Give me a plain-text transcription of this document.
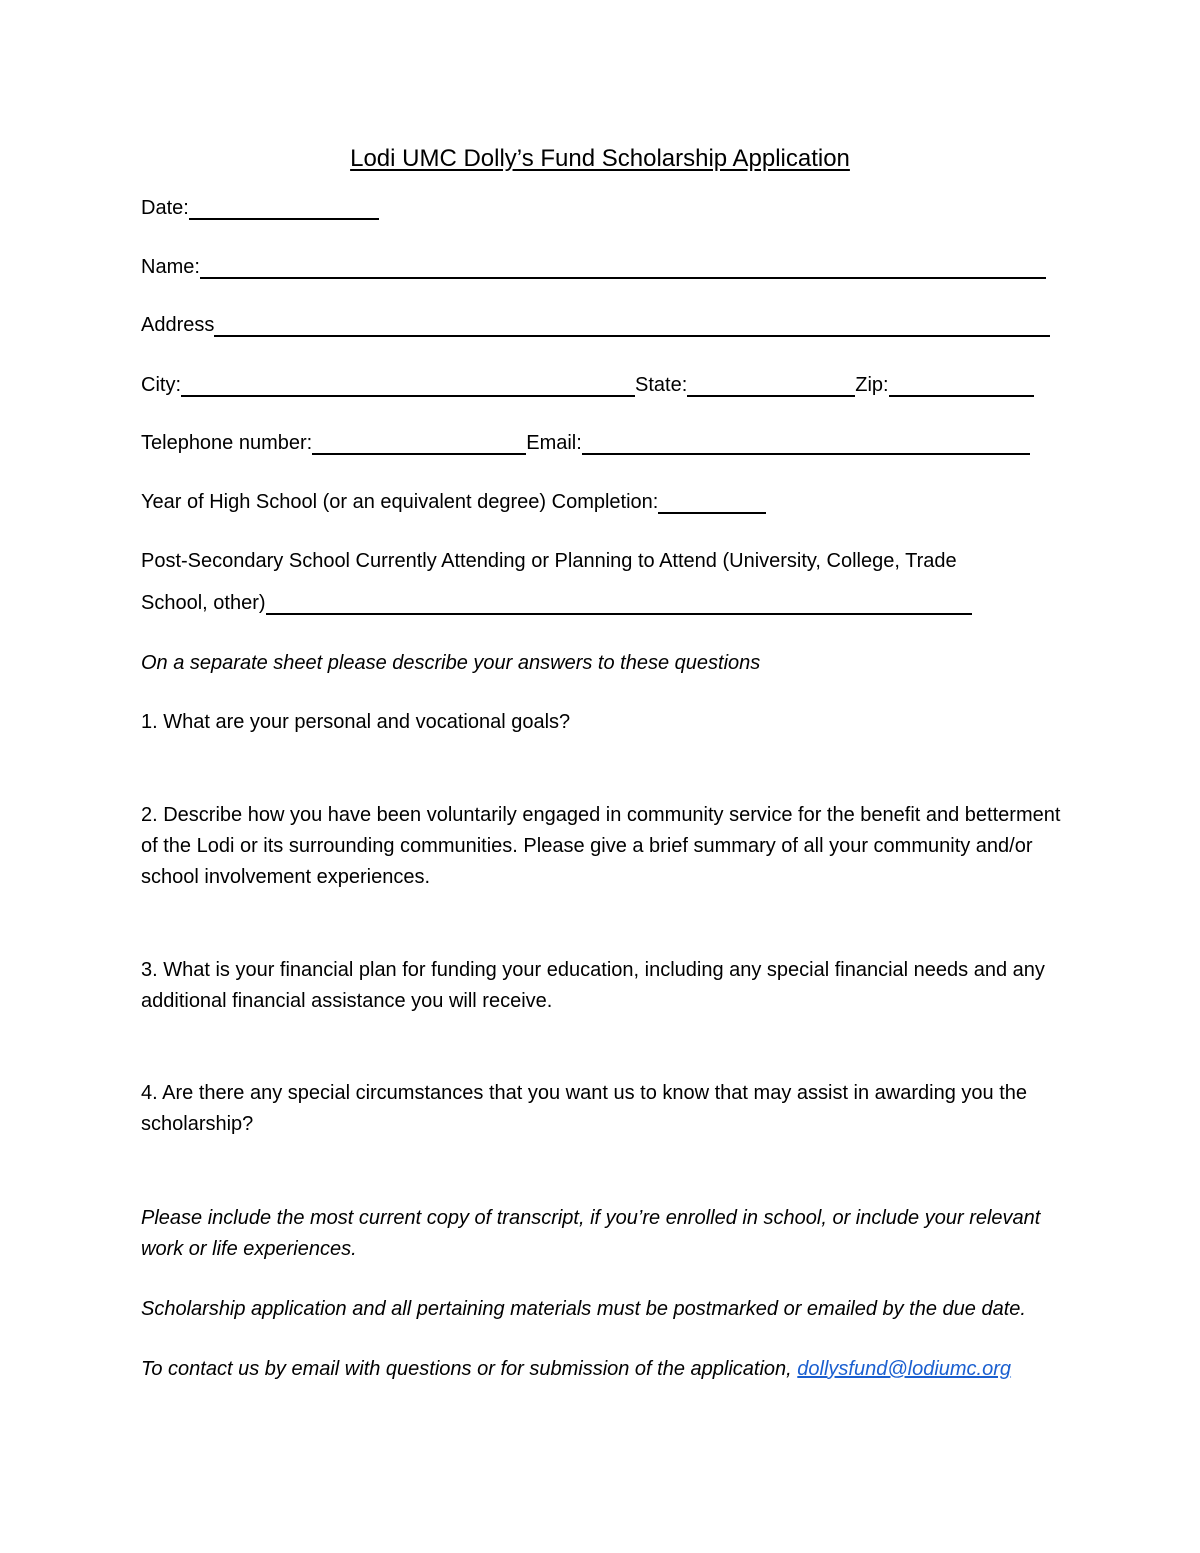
Lodi UMC Dolly’s Fund Scholarship Application
Date:
Name:
Address
City:	State:	Zip:
Telephone number:	Email:
Year of High School (or an equivalent degree) Completion:
Post-Secondary School Currently Attending or Planning to Attend (University, College, Trade
School, other)

On a separate sheet please describe your answers to these questions

1. What are your personal and vocational goals?

2. Describe how you have been voluntarily engaged in community service for the benefit and betterment of the Lodi or its surrounding communities. Please give a brief summary of all your community and/or school involvement experiences.

3. What is your financial plan for funding your education, including any special financial needs and any additional financial assistance you will receive.

4. Are there any special circumstances that you want us to know that may assist in awarding you the scholarship?

Please include the most current copy of transcript, if you’re enrolled in school, or include your relevant work or life experiences.

Scholarship application and all pertaining materials must be postmarked or emailed by the due date.

To contact us by email with questions or for submission of the application, dollysfund@lodiumc.org
